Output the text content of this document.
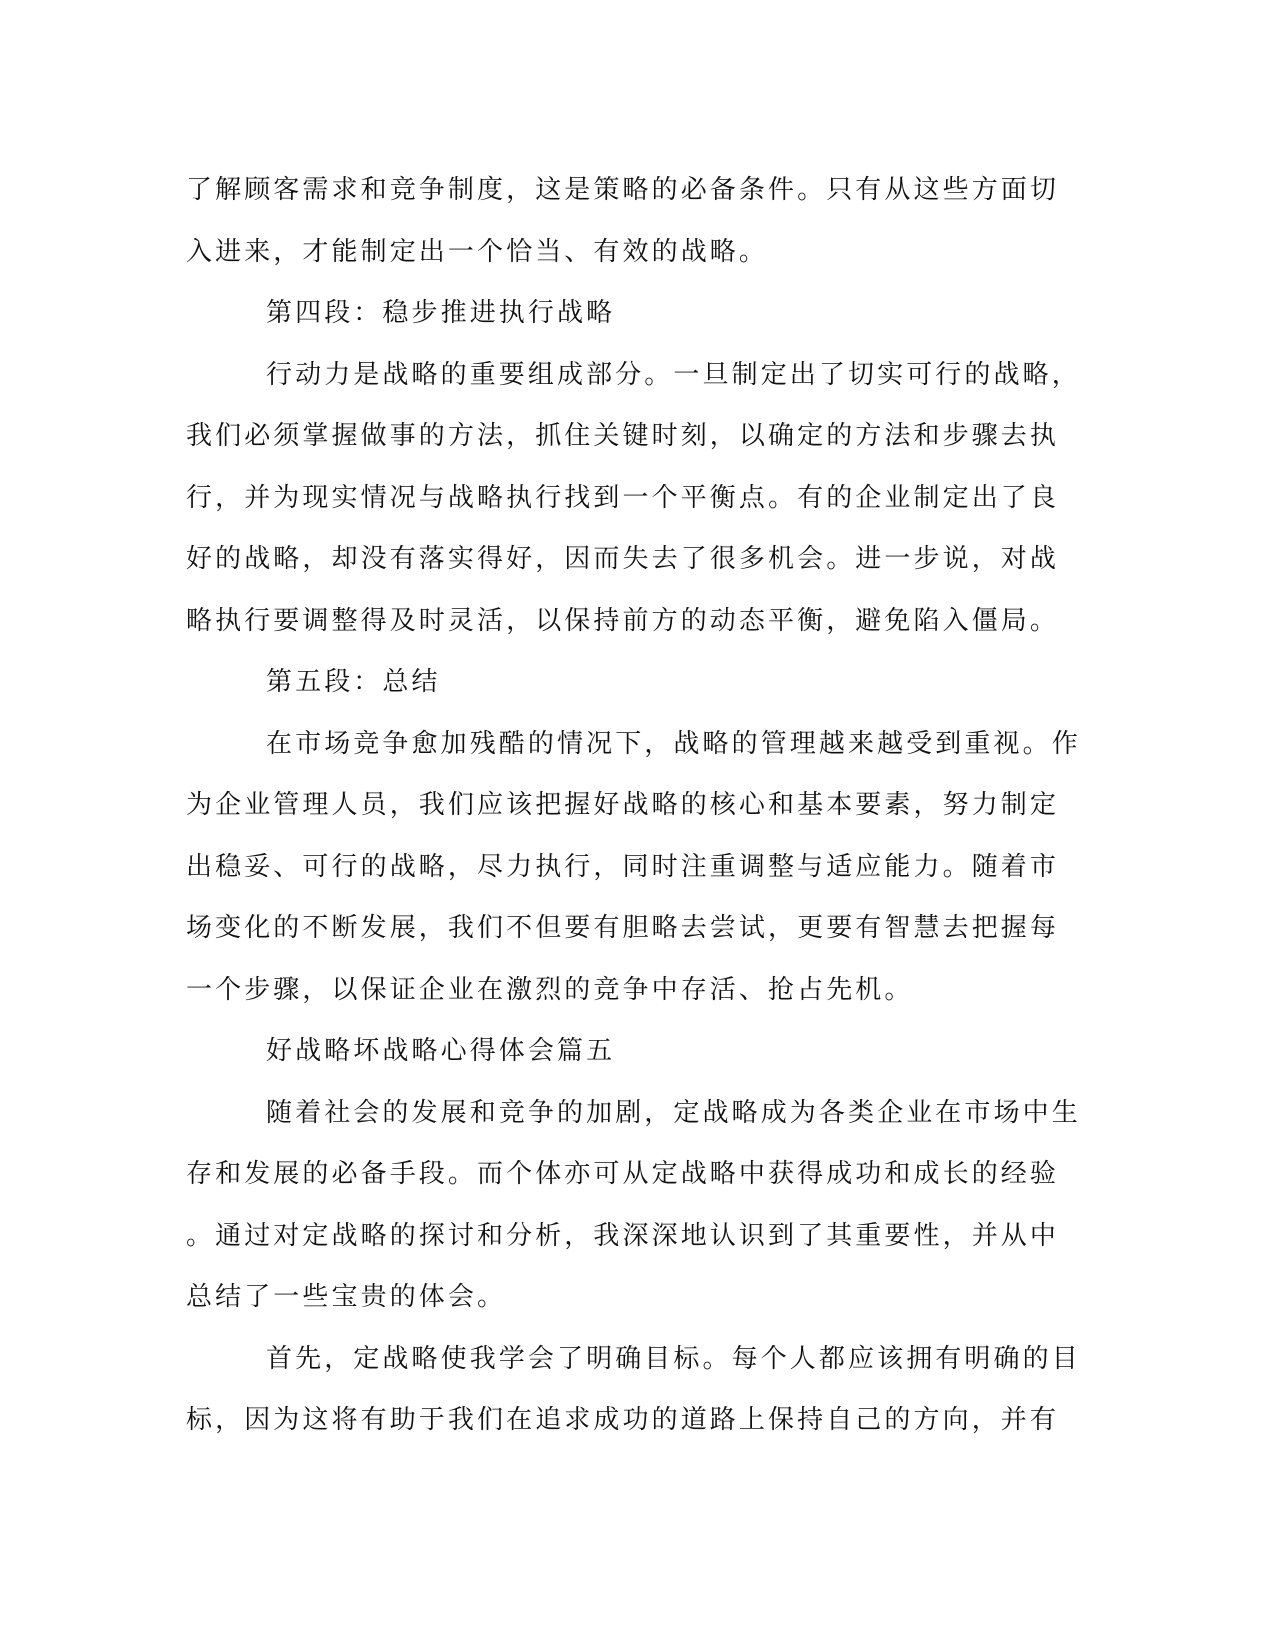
了解顾客需求和竞争制度，这是策略的必备条件。只有从这些方面切
入进来，才能制定出一个恰当、有效的战略。
第四段：稳步推进执行战略
行动力是战略的重要组成部分。一旦制定出了切实可行的战略，
我们必须掌握做事的方法，抓住关键时刻，以确定的方法和步骤去执
行，并为现实情况与战略执行找到一个平衡点。有的企业制定出了良
好的战略，却没有落实得好，因而失去了很多机会。进一步说，对战
略执行要调整得及时灵活，以保持前方的动态平衡，避免陷入僵局。
第五段：总结
在市场竞争愈加残酷的情况下，战略的管理越来越受到重视。作
为企业管理人员，我们应该把握好战略的核心和基本要素，努力制定
出稳妥、可行的战略，尽力执行，同时注重调整与适应能力。随着市
场变化的不断发展，我们不但要有胆略去尝试，更要有智慧去把握每
一个步骤，以保证企业在激烈的竞争中存活、抢占先机。
好战略坏战略心得体会篇五
随着社会的发展和竞争的加剧，定战略成为各类企业在市场中生
存和发展的必备手段。而个体亦可从定战略中获得成功和成长的经验
。通过对定战略的探讨和分析，我深深地认识到了其重要性，并从中
总结了一些宝贵的体会。
首先，定战略使我学会了明确目标。每个人都应该拥有明确的目
标，因为这将有助于我们在追求成功的道路上保持自己的方向，并有
